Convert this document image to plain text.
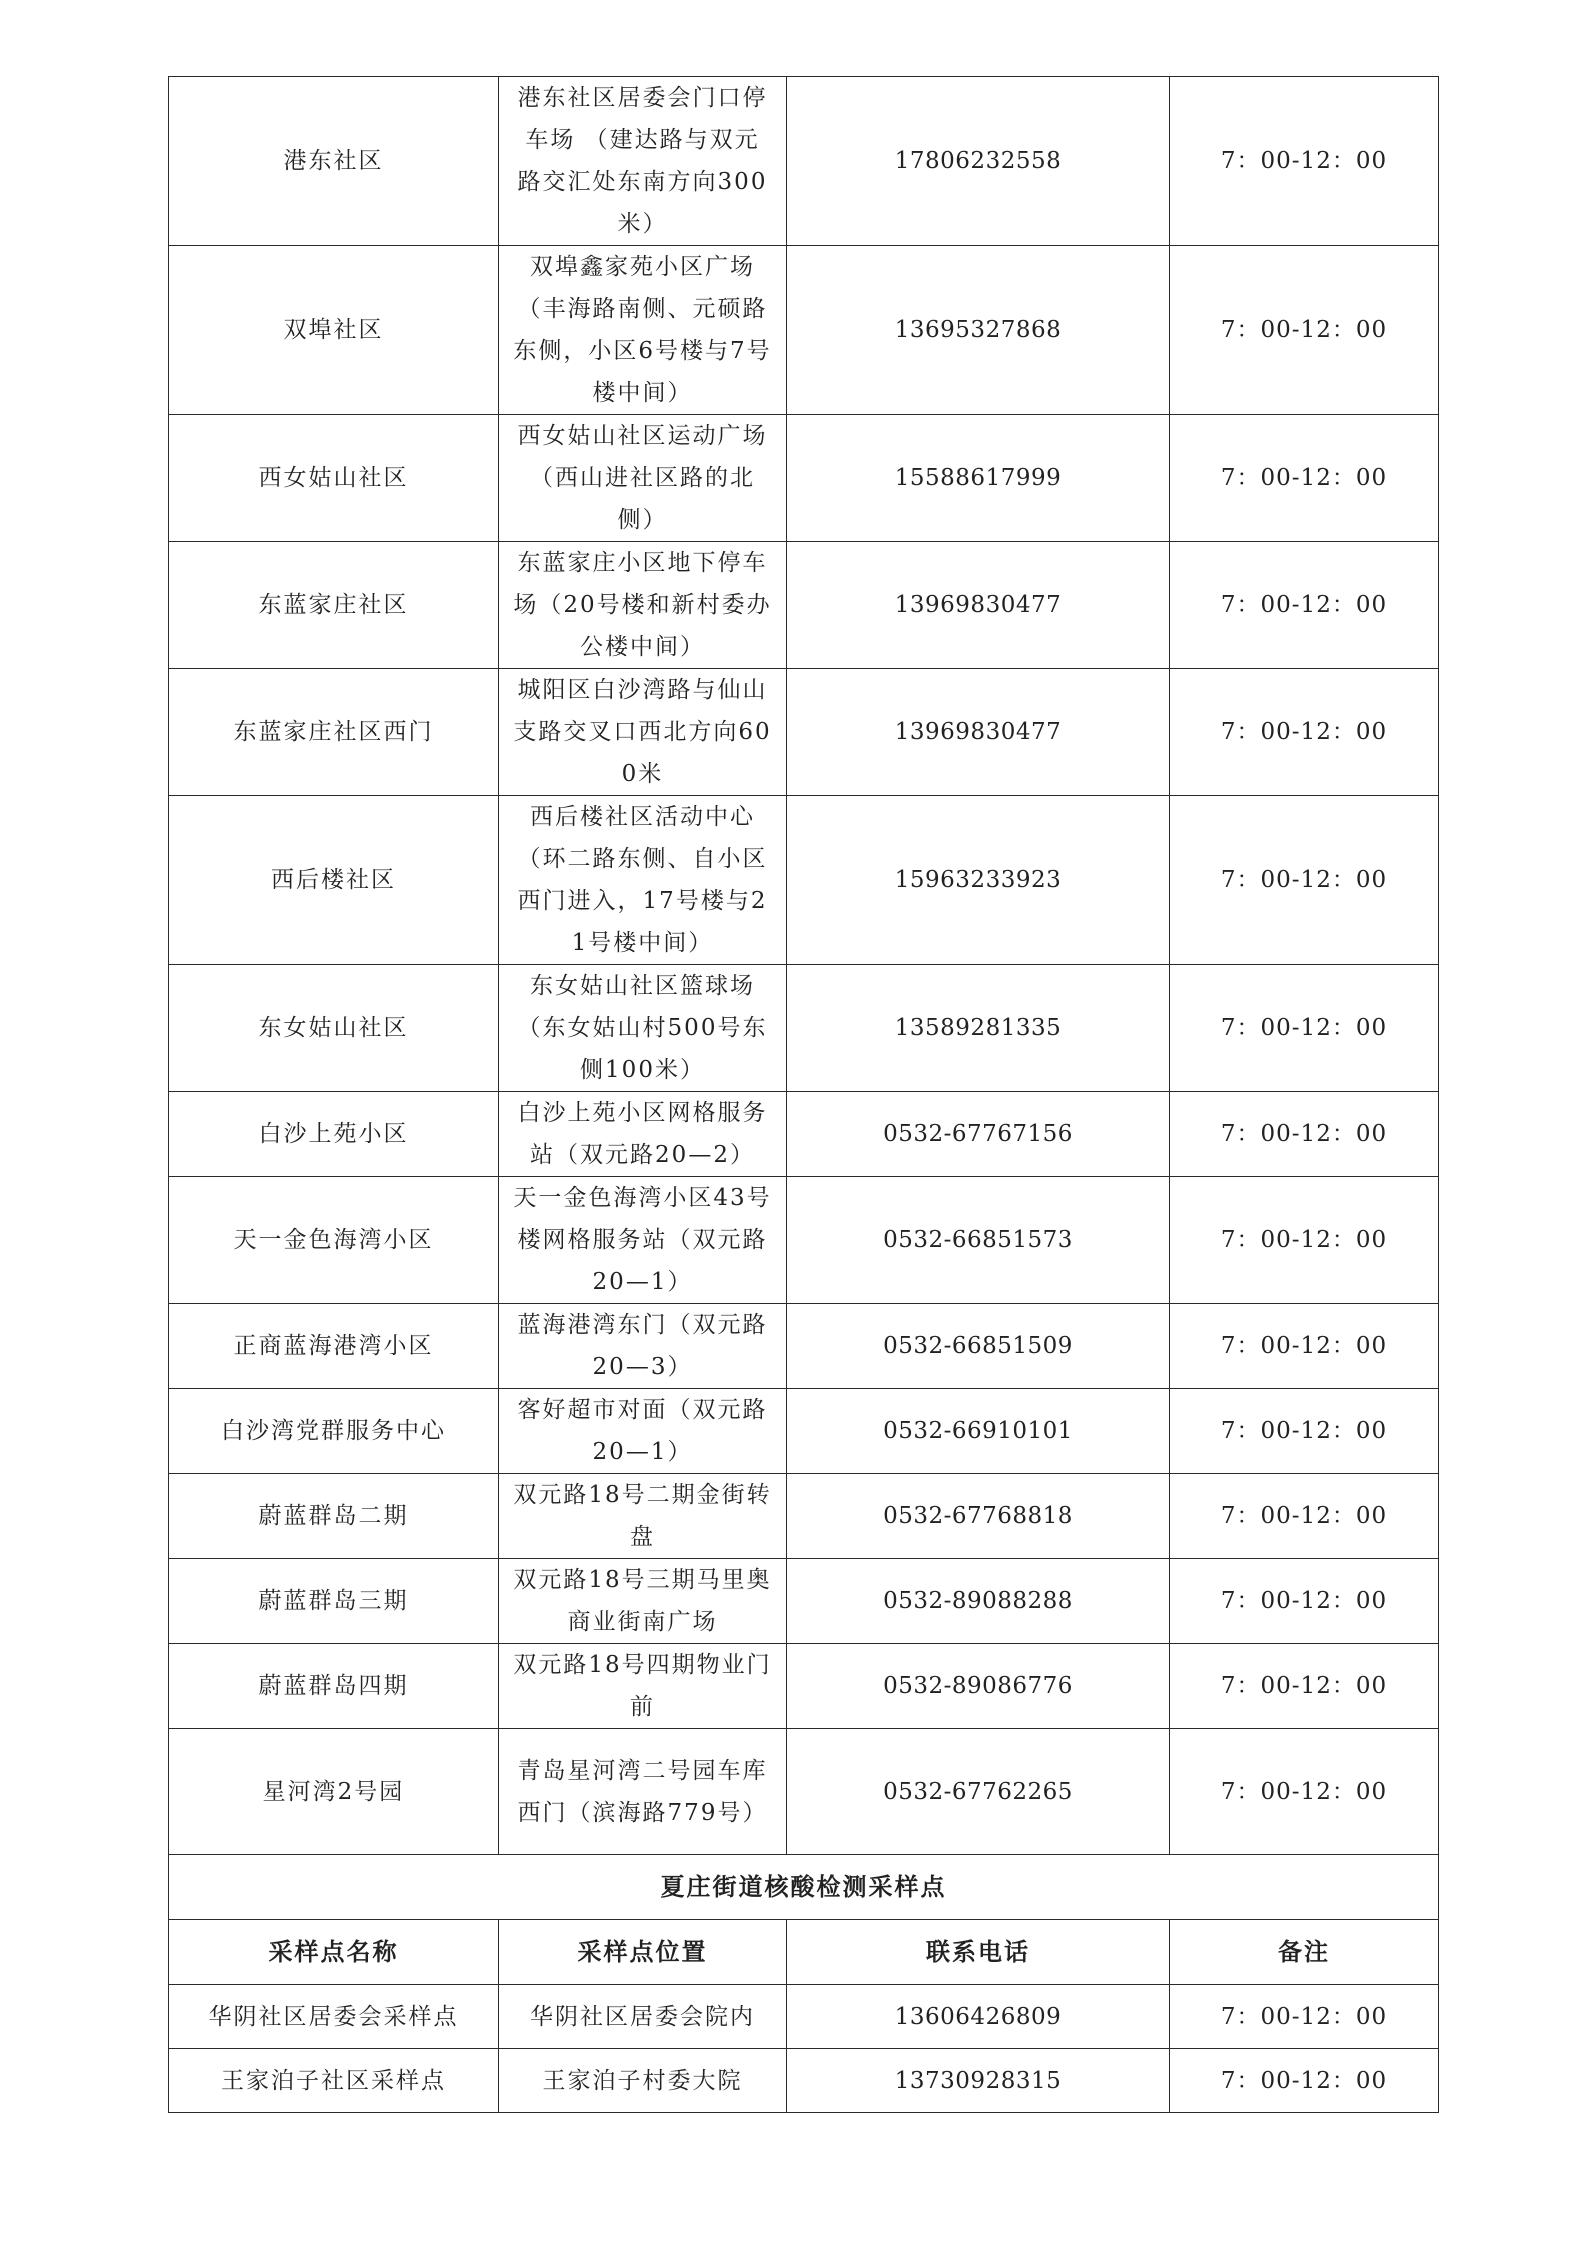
港东社区	港东社区居委会门口停车场 （建达路与双元路交汇处东南方向300米）	17806232558	7：00-12：00
双埠社区	双埠鑫家苑小区广场（丰海路南侧、元硕路东侧，小区6号楼与7号楼中间）	13695327868	7：00-12：00
西女姑山社区	西女姑山社区运动广场（西山进社区路的北侧）	15588617999	7：00-12：00
东蓝家庄社区	东蓝家庄小区地下停车场（20号楼和新村委办公楼中间）	13969830477	7：00-12：00
东蓝家庄社区西门	城阳区白沙湾路与仙山支路交叉口西北方向600米	13969830477	7：00-12：00
西后楼社区	西后楼社区活动中心（环二路东侧、自小区西门进入，17号楼与21号楼中间）	15963233923	7：00-12：00
东女姑山社区	东女姑山社区篮球场（东女姑山村500号东侧100米）	13589281335	7：00-12：00
白沙上苑小区	白沙上苑小区网格服务站（双元路20—2）	0532-67767156	7：00-12：00
天一金色海湾小区	天一金色海湾小区43号楼网格服务站（双元路20—1）	0532-66851573	7：00-12：00
正商蓝海港湾小区	蓝海港湾东门（双元路20—3）	0532-66851509	7：00-12：00
白沙湾党群服务中心	客好超市对面（双元路20—1）	0532-66910101	7：00-12：00
蔚蓝群岛二期	双元路18号二期金街转盘	0532-67768818	7：00-12：00
蔚蓝群岛三期	双元路18号三期马里奥商业街南广场	0532-89088288	7：00-12：00
蔚蓝群岛四期	双元路18号四期物业门前	0532-89086776	7：00-12：00
星河湾2号园	青岛星河湾二号园车库西门（滨海路779号）	0532-67762265	7：00-12：00
夏庄街道核酸检测采样点			
采样点名称	采样点位置	联系电话	备注
华阴社区居委会采样点	华阴社区居委会院内	13606426809	7：00-12：00
王家泊子社区采样点	王家泊子村委大院	13730928315	7：00-12：00
